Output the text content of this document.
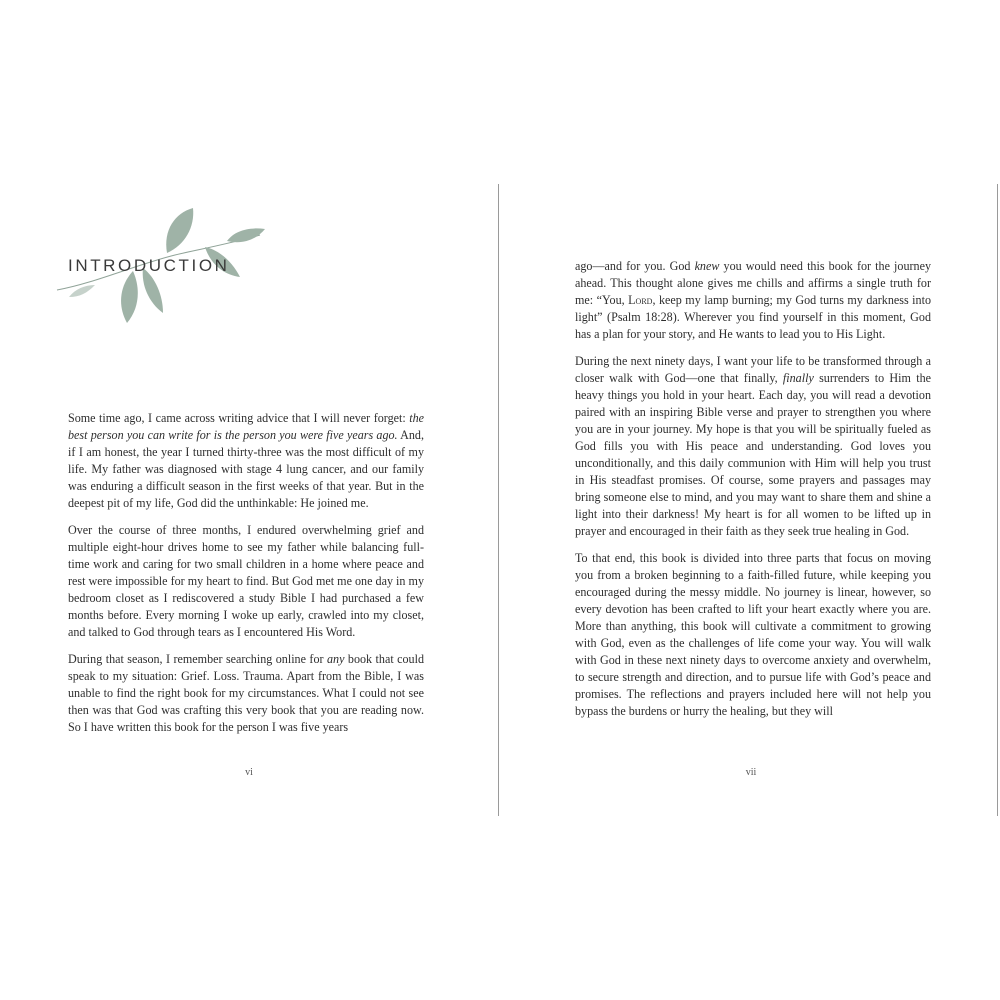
INTRODUCTION

Some time ago, I came across writing advice that I will never forget: the best person you can write for is the person you were five years ago. And, if I am honest, the year I turned thirty-three was the most difficult of my life. My father was diagnosed with stage 4 lung cancer, and our family was enduring a difficult season in the first weeks of that year. But in the deepest pit of my life, God did the unthinkable: He joined me.

Over the course of three months, I endured overwhelming grief and multiple eight-hour drives home to see my father while balancing full-time work and caring for two small children in a home where peace and rest were impossible for my heart to find. But God met me one day in my bedroom closet as I rediscovered a study Bible I had purchased a few months before. Every morning I woke up early, crawled into my closet, and talked to God through tears as I encountered His Word.

During that season, I remember searching online for any book that could speak to my situation: Grief. Loss. Trauma. Apart from the Bible, I was unable to find the right book for my circumstances. What I could not see then was that God was crafting this very book that you are reading now. So I have written this book for the person I was five years

ago—and for you. God knew you would need this book for the journey ahead. This thought alone gives me chills and affirms a single truth for me: “You, Lord, keep my lamp burning; my God turns my darkness into light” (Psalm 18:28). Wherever you find yourself in this moment, God has a plan for your story, and He wants to lead you to His Light.

During the next ninety days, I want your life to be transformed through a closer walk with God—one that finally, finally surrenders to Him the heavy things you hold in your heart. Each day, you will read a devotion paired with an inspiring Bible verse and prayer to strengthen you where you are in your journey. My hope is that you will be spiritually fueled as God fills you with His peace and understanding. God loves you unconditionally, and this daily communion with Him will help you trust in His steadfast promises. Of course, some prayers and passages may bring someone else to mind, and you may want to share them and shine a light into their darkness! My heart is for all women to be lifted up in prayer and encouraged in their faith as they seek true healing in God.

To that end, this book is divided into three parts that focus on moving you from a broken beginning to a faith-filled future, while keeping you encouraged during the messy middle. No journey is linear, however, so every devotion has been crafted to lift your heart exactly where you are. More than anything, this book will cultivate a commitment to growing with God, even as the challenges of life come your way. You will walk with God in these next ninety days to overcome anxiety and overwhelm, to secure strength and direction, and to pursue life with God’s peace and promises. The reflections and prayers included here will not help you bypass the burdens or hurry the healing, but they will

vi	vii
